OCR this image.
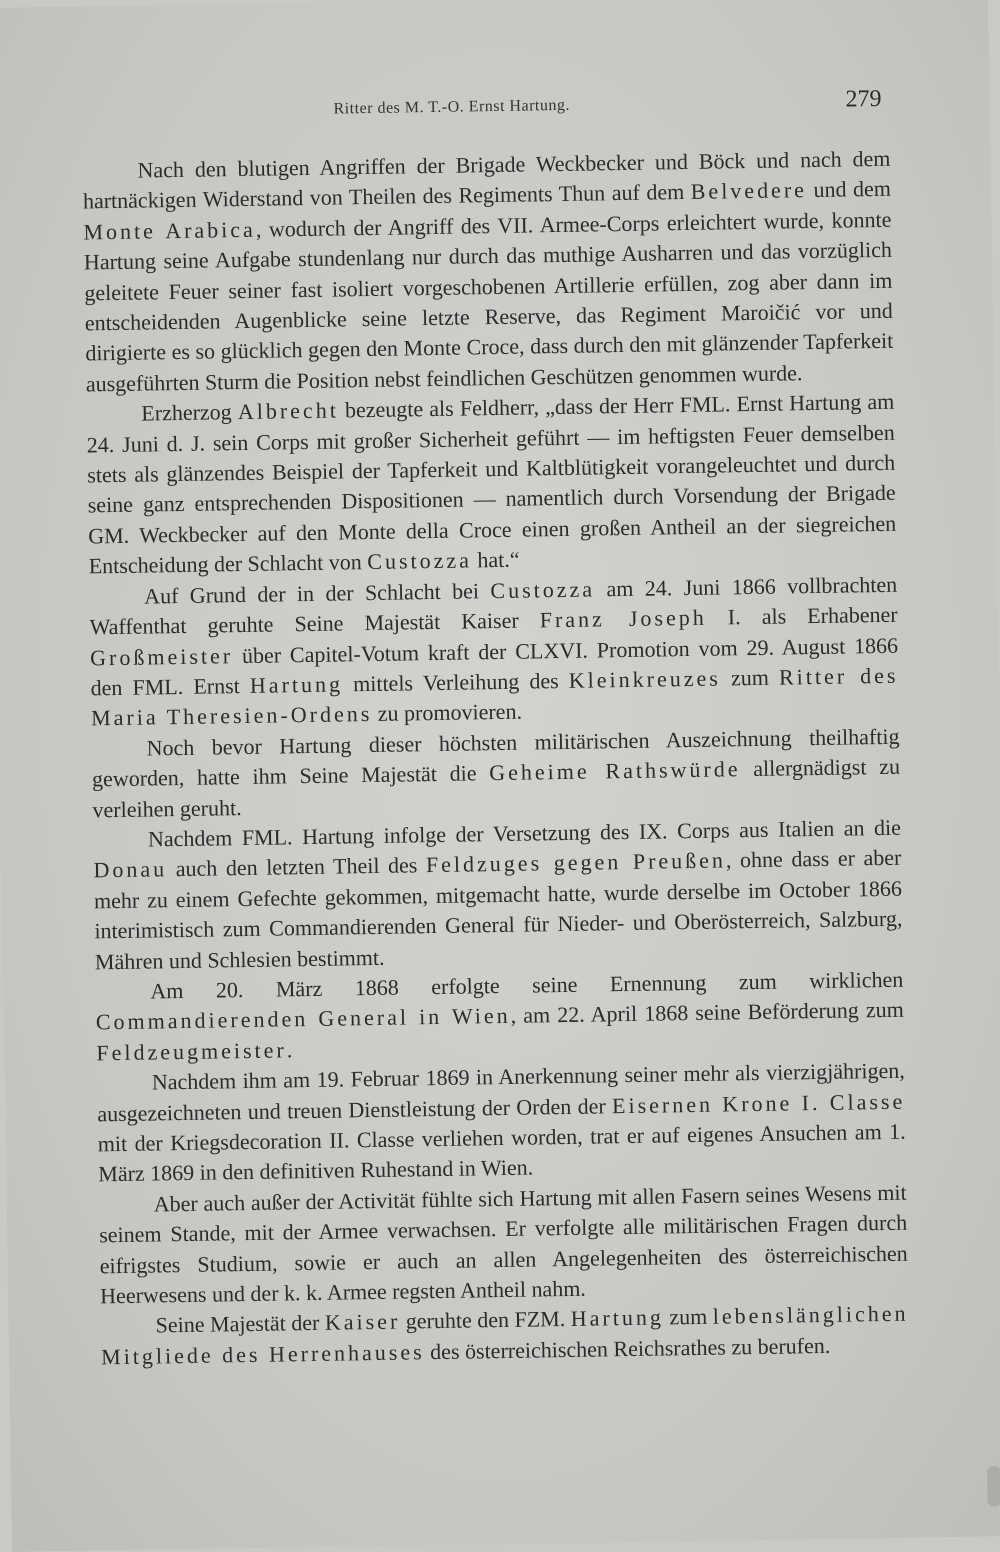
Ritter des M. T.-O. Ernst Hartung.	279

Nach den blutigen Angriffen der Brigade Weckbecker und Böck und nach dem hartnäckigen Widerstand von Theilen des Regiments Thun auf dem Belvedere und dem Monte Arabica, wodurch der Angriff des VII. Armee-Corps erleichtert wurde, konnte Hartung seine Aufgabe stundenlang nur durch das muthige Ausharren und das vorzüglich geleitete Feuer seiner fast isoliert vorgeschobenen Artillerie erfüllen, zog aber dann im entscheidenden Augenblicke seine letzte Reserve, das Regiment Maroičić vor und dirigierte es so glücklich gegen den Monte Croce, dass durch den mit glänzender Tapferkeit ausgeführten Sturm die Position nebst feindlichen Geschützen genommen wurde.

Erzherzog Albrecht bezeugte als Feldherr, „dass der Herr FML. Ernst Hartung am 24. Juni d. J. sein Corps mit großer Sicherheit geführt — im heftigsten Feuer demselben stets als glänzendes Beispiel der Tapferkeit und Kaltblütigkeit vorangeleuchtet und durch seine ganz entsprechenden Dispositionen — namentlich durch Vorsendung der Brigade GM. Weckbecker auf den Monte della Croce einen großen Antheil an der siegreichen Entscheidung der Schlacht von Custozza hat.“

Auf Grund der in der Schlacht bei Custozza am 24. Juni 1866 vollbrachten Waffenthat geruhte Seine Majestät Kaiser Franz Joseph I. als Erhabener Großmeister über Capitel-Votum kraft der CLXVI. Promotion vom 29. August 1866 den FML. Ernst Hartung mittels Verleihung des Kleinkreuzes zum Ritter des Maria Theresien-Ordens zu promovieren.

Noch bevor Hartung dieser höchsten militärischen Auszeichnung theilhaftig geworden, hatte ihm Seine Majestät die Geheime Rathswürde allergnädigst zu verleihen geruht.

Nachdem FML. Hartung infolge der Versetzung des IX. Corps aus Italien an die Donau auch den letzten Theil des Feldzuges gegen Preußen, ohne dass er aber mehr zu einem Gefechte gekommen, mitgemacht hatte, wurde derselbe im October 1866 interimistisch zum Commandierenden General für Nieder- und Oberösterreich, Salzburg, Mähren und Schlesien bestimmt.

Am 20. März 1868 erfolgte seine Ernennung zum wirklichen Commandierenden General in Wien, am 22. April 1868 seine Beförderung zum Feldzeugmeister.

Nachdem ihm am 19. Februar 1869 in Anerkennung seiner mehr als vierzigjährigen, ausgezeichneten und treuen Dienstleistung der Orden der Eisernen Krone I. Classe mit der Kriegsdecoration II. Classe verliehen worden, trat er auf eigenes Ansuchen am 1. März 1869 in den definitiven Ruhestand in Wien.

Aber auch außer der Activität fühlte sich Hartung mit allen Fasern seines Wesens mit seinem Stande, mit der Armee verwachsen. Er verfolgte alle militärischen Fragen durch eifrigstes Studium, sowie er auch an allen Angelegenheiten des österreichischen Heerwesens und der k. k. Armee regsten Antheil nahm.

Seine Majestät der Kaiser geruhte den FZM. Hartung zum lebenslänglichen Mitgliede des Herrenhauses des österreichischen Reichsrathes zu berufen.
